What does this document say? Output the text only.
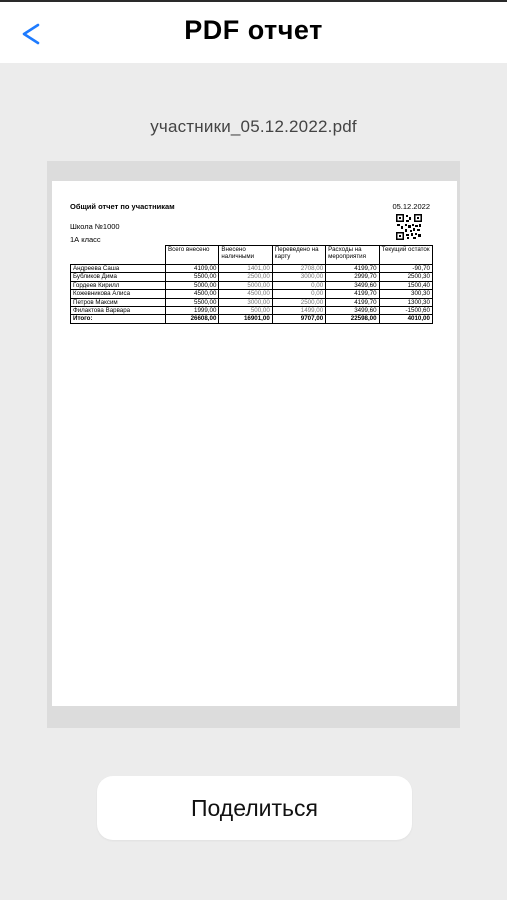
PDF отчет
участники_05.12.2022.pdf
Общий отчет по участникам	05.12.2022
Школа №1000
1А класс
	Всего внесено	Внесено наличными	Переведено на карту	Расходы на мероприятия	Текущий остаток
Андреева Саша	4109,00	1401,00	2708,00	4199,70	-90,70
Бубликов Дима	5500,00	2500,00	3000,00	2999,70	2500,30
Гордеев Кирилл	5000,00	5000,00	0,00	3499,60	1500,40
Кожевникова Алиса	4500,00	4500,00	0,00	4199,70	300,30
Петров Максим	5500,00	3000,00	2500,00	4199,70	1300,30
Филактова Варвара	1999,00	500,00	1499,00	3499,60	-1500,60
Итого:	26608,00	16901,00	9707,00	22598,00	4010,00
Поделиться
